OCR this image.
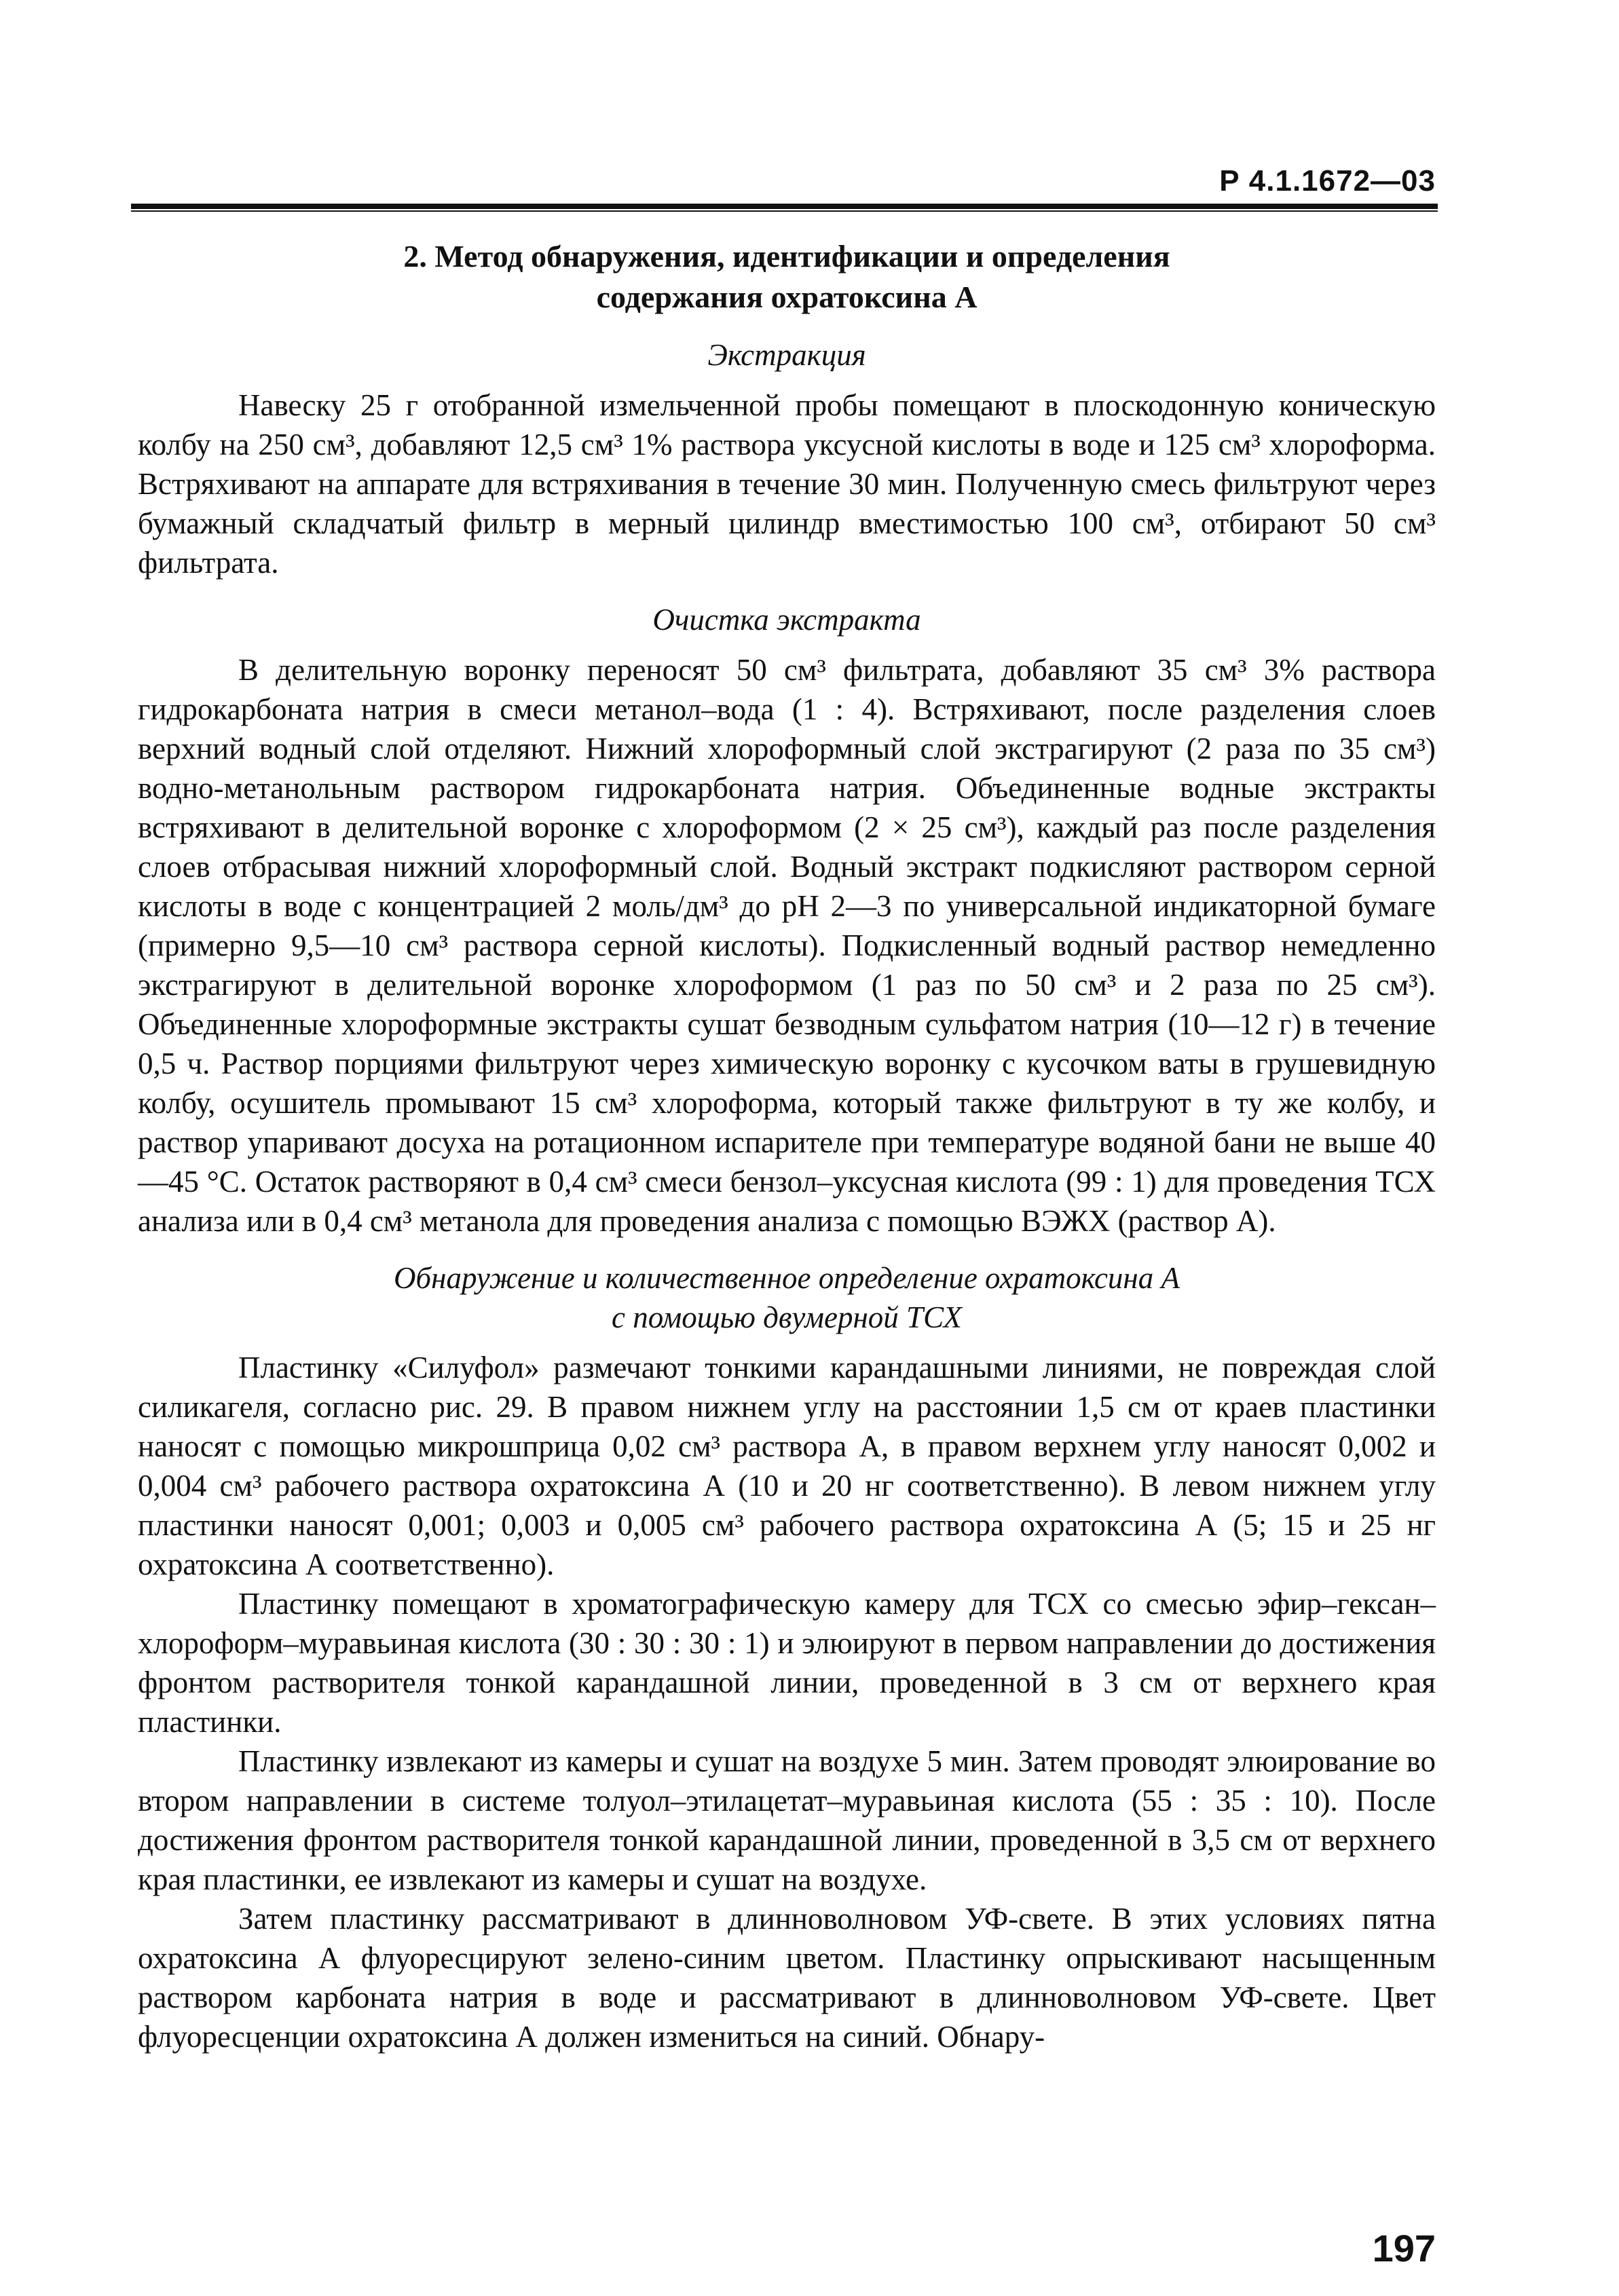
Р 4.1.1672—03
2. Метод обнаружения, идентификации и определения
содержания охратоксина А
Экстракция

Навеску 25 г отобранной измельченной пробы помещают в плоскодонную коническую колбу на 250 см³, добавляют 12,5 см³ 1% раствора уксусной кислоты в воде и 125 см³ хлороформа. Встряхивают на аппарате для встряхивания в течение 30 мин. Полученную смесь фильтруют через бумажный складчатый фильтр в мерный цилиндр вместимостью 100 см³, отбирают 50 см³ фильтрата.

Очистка экстракта

В делительную воронку переносят 50 см³ фильтрата, добавляют 35 см³ 3% раствора гидрокарбоната натрия в смеси метанол–вода (1 : 4). Встряхивают, после разделения слоев верхний водный слой отделяют. Нижний хлороформный слой экстрагируют (2 раза по 35 см³) водно-метанольным раствором гидрокарбоната натрия. Объединенные водные экстракты встряхивают в делительной воронке с хлороформом (2 × 25 см³), каждый раз после разделения слоев отбрасывая нижний хлороформный слой. Водный экстракт подкисляют раствором серной кислоты в воде с концентрацией 2 моль/дм³ до pH 2—3 по универсальной индикаторной бумаге (примерно 9,5—10 см³ раствора серной кислоты). Подкисленный водный раствор немедленно экстрагируют в делительной воронке хлороформом (1 раз по 50 см³ и 2 раза по 25 см³). Объединенные хлороформные экстракты сушат безводным сульфатом натрия (10—12 г) в течение 0,5 ч. Раствор порциями фильтруют через химическую воронку с кусочком ваты в грушевидную колбу, осушитель промывают 15 см³ хлороформа, который также фильтруют в ту же колбу, и раствор упаривают досуха на ротационном испарителе при температуре водяной бани не выше 40—45 °С. Остаток растворяют в 0,4 см³ смеси бензол–уксусная кислота (99 : 1) для проведения ТСХ анализа или в 0,4 см³ метанола для проведения анализа с помощью ВЭЖХ (раствор А).

Обнаружение и количественное определение охратоксина А
с помощью двумерной ТСХ

Пластинку «Силуфол» размечают тонкими карандашными линиями, не повреждая слой силикагеля, согласно рис. 29. В правом нижнем углу на расстоянии 1,5 см от краев пластинки наносят с помощью микрошприца 0,02 см³ раствора А, в правом верхнем углу наносят 0,002 и 0,004 см³ рабочего раствора охратоксина А (10 и 20 нг соответственно). В левом нижнем углу пластинки наносят 0,001; 0,003 и 0,005 см³ рабочего раствора охратоксина А (5; 15 и 25 нг охратоксина А соответственно).

Пластинку помещают в хроматографическую камеру для ТСХ со смесью эфир–гексан–хлороформ–муравьиная кислота (30 : 30 : 30 : 1) и элюируют в первом направлении до достижения фронтом растворителя тонкой карандашной линии, проведенной в 3 см от верхнего края пластинки.

Пластинку извлекают из камеры и сушат на воздухе 5 мин. Затем проводят элюирование во втором направлении в системе толуол–этилацетат–муравьиная кислота (55 : 35 : 10). После достижения фронтом растворителя тонкой карандашной линии, проведенной в 3,5 см от верхнего края пластинки, ее извлекают из камеры и сушат на воздухе.

Затем пластинку рассматривают в длинноволновом УФ-свете. В этих условиях пятна охратоксина А флуоресцируют зелено-синим цветом. Пластинку опрыскивают насыщенным раствором карбоната натрия в воде и рассматривают в длинноволновом УФ-свете. Цвет флуоресценции охратоксина А должен измениться на синий. Обнару-

197
